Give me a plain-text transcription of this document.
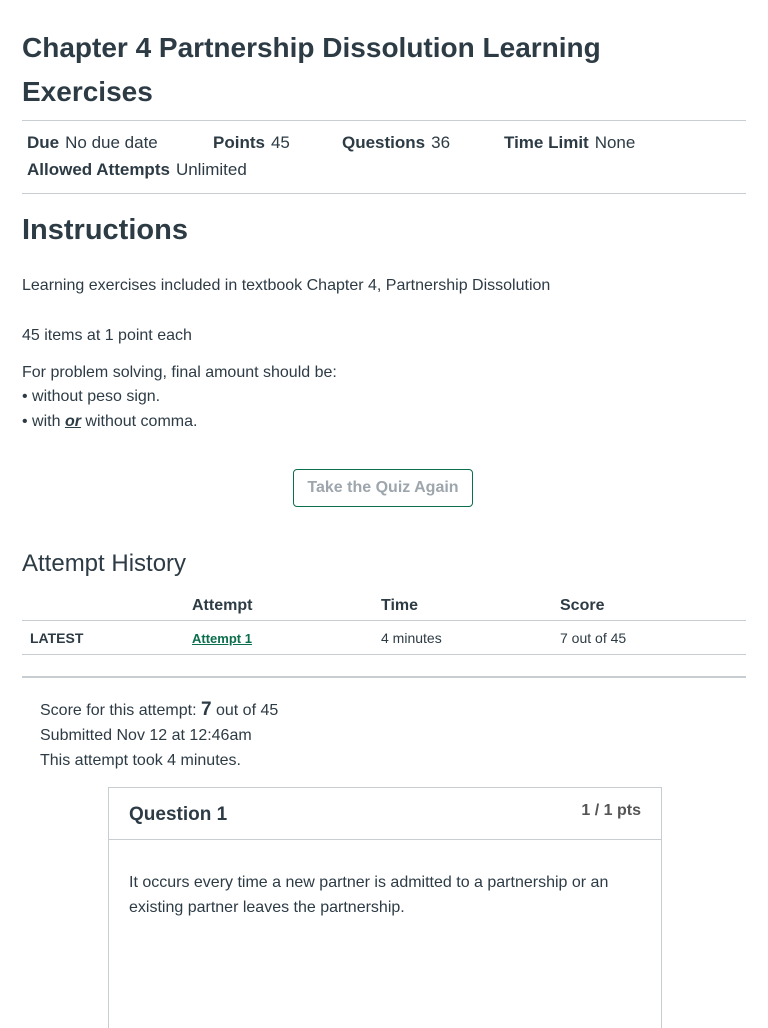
Chapter 4 Partnership Dissolution Learning Exercises
Due No due date	Points 45	Questions 36	Time Limit None
Allowed Attempts Unlimited
Instructions
Learning exercises included in textbook Chapter 4, Partnership Dissolution
45 items at 1 point each
For problem solving, final amount should be:
• without peso sign.
• with or without comma.
Take the Quiz Again
Attempt History
	Attempt	Time	Score
LATEST	Attempt 1	4 minutes	7 out of 45
Score for this attempt: 7 out of 45
Submitted Nov 12 at 12:46am
This attempt took 4 minutes.
Question 1	1 / 1 pts
It occurs every time a new partner is admitted to a partnership or an existing partner leaves the partnership.
